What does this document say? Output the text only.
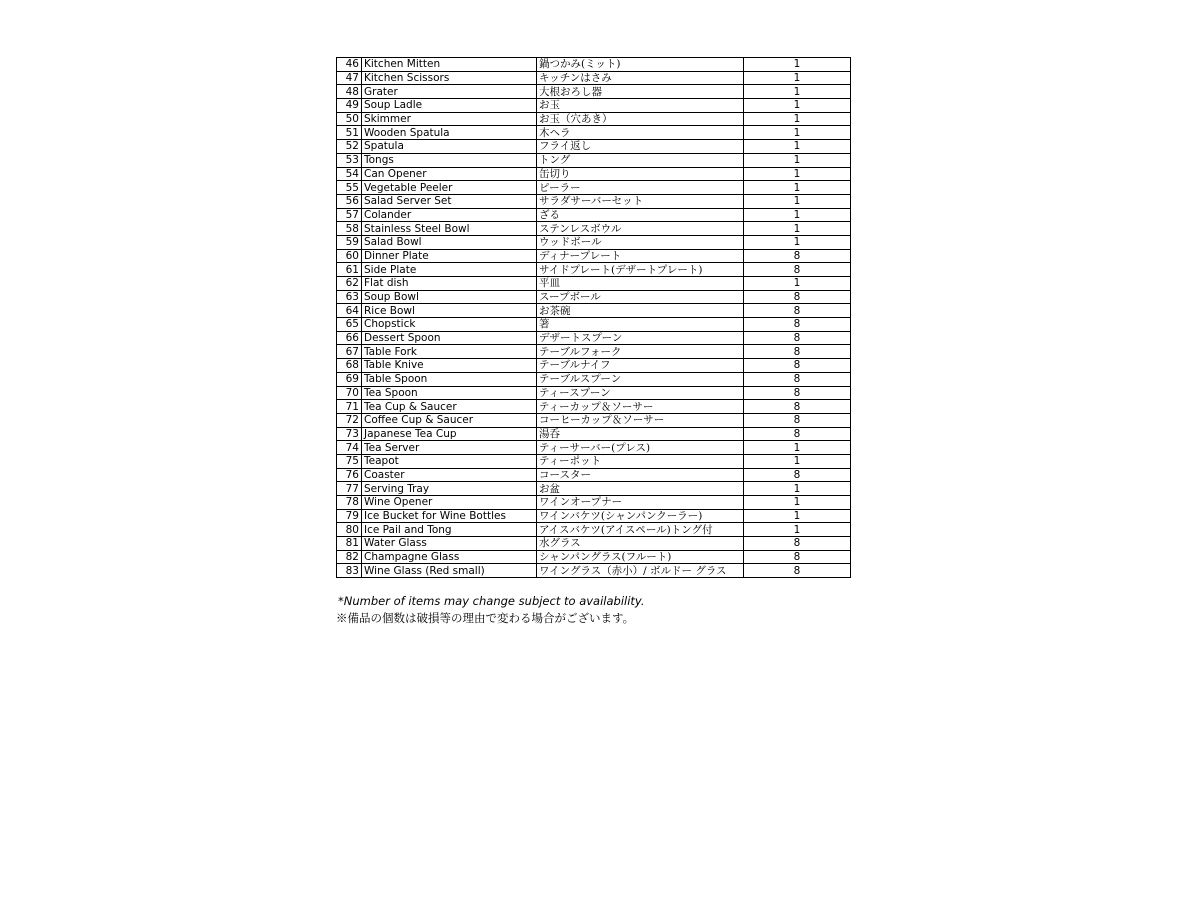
46	Kitchen Mitten	鍋つかみ(ミット)	1
47	Kitchen Scissors	キッチンはさみ	1
48	Grater	大根おろし器	1
49	Soup Ladle	お玉	1
50	Skimmer	お玉（穴あき）	1
51	Wooden Spatula	木ヘラ	1
52	Spatula	フライ返し	1
53	Tongs	トング	1
54	Can Opener	缶切り	1
55	Vegetable Peeler	ピーラー	1
56	Salad Server Set	サラダサーバーセット	1
57	Colander	ざる	1
58	Stainless Steel Bowl	ステンレスボウル	1
59	Salad Bowl	ウッドボール	1
60	Dinner Plate	ディナープレート	8
61	Side Plate	サイドプレート(デザートプレート)	8
62	Flat dish	平皿	1
63	Soup Bowl	スープボール	8
64	Rice Bowl	お茶碗	8
65	Chopstick	箸	8
66	Dessert Spoon	デザートスプーン	8
67	Table Fork	テーブルフォーク	8
68	Table Knive	テーブルナイフ	8
69	Table Spoon	テーブルスプーン	8
70	Tea Spoon	ティースプーン	8
71	Tea Cup & Saucer	ティーカップ＆ソーサー	8
72	Coffee Cup & Saucer	コーヒーカップ＆ソーサー	8
73	Japanese Tea Cup	湯呑	8
74	Tea Server	ティーサーバー(プレス)	1
75	Teapot	ティーポット	1
76	Coaster	コースター	8
77	Serving Tray	お盆	1
78	Wine Opener	ワインオープナー	1
79	Ice Bucket for Wine Bottles	ワインバケツ(シャンパンクーラー)	1
80	Ice Pail and Tong	アイスバケツ(アイスペール)トング付	1
81	Water Glass	水グラス	8
82	Champagne Glass	シャンパングラス(フルート)	8
83	Wine Glass (Red small)	ワイングラス（赤小）/ ボルドー グラス	8
*Number of items may change subject to availability.
※備品の個数は破損等の理由で変わる場合がございます。
